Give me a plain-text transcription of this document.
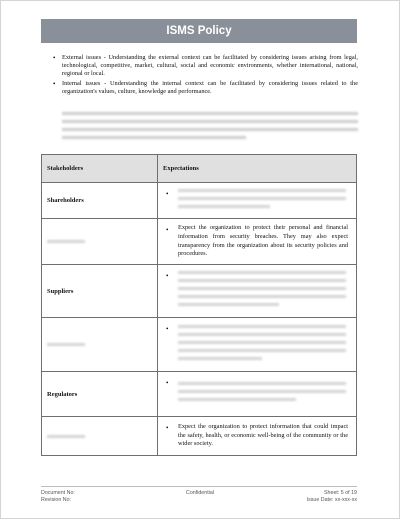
ISMS Policy
• External issues - Understanding the external context can be facilitated by considering issues arising from legal, technological, competitive, market, cultural, social and economic environments, whether international, national, regional or local.
• Internal issues - Understanding the internal context can be facilitated by considering issues related to the organization's values, culture, knowledge and performance.
Stakeholders	Expectations
Shareholders	•

	• Expect the organization to protect their personal and financial information from security breaches. They may also expect transparency from the organization about its security policies and procedures.

Suppliers	•

	•

Regulators	•

	• Expect the organization to protect information that could impact the safety, health, or economic well-being of the community or the wider society.
Document No:
Revision No:
Confidential	Sheet: 5 of 19
Issue Date: xx-xxx-xx
